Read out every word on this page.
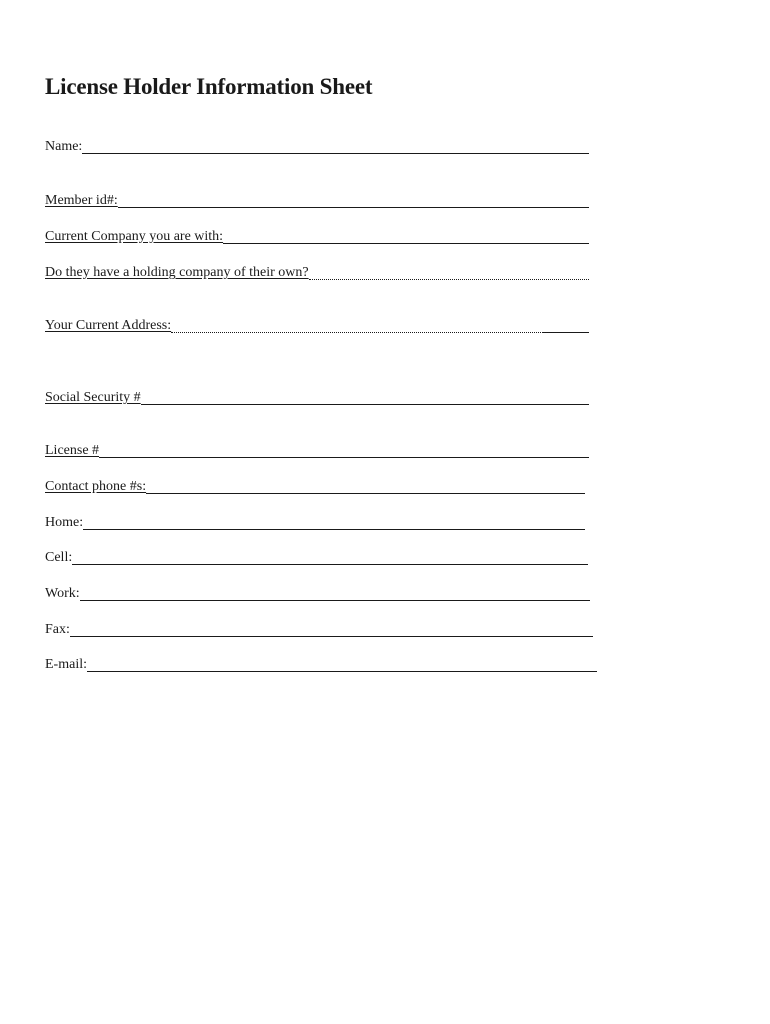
License Holder Information Sheet
Name:
Member id#:
Current Company you are with:
Do they have a holding company of their own?
Your Current Address:
Social Security #
License #
Contact phone #s:
Home:
Cell:
Work:
Fax:
E-mail:
